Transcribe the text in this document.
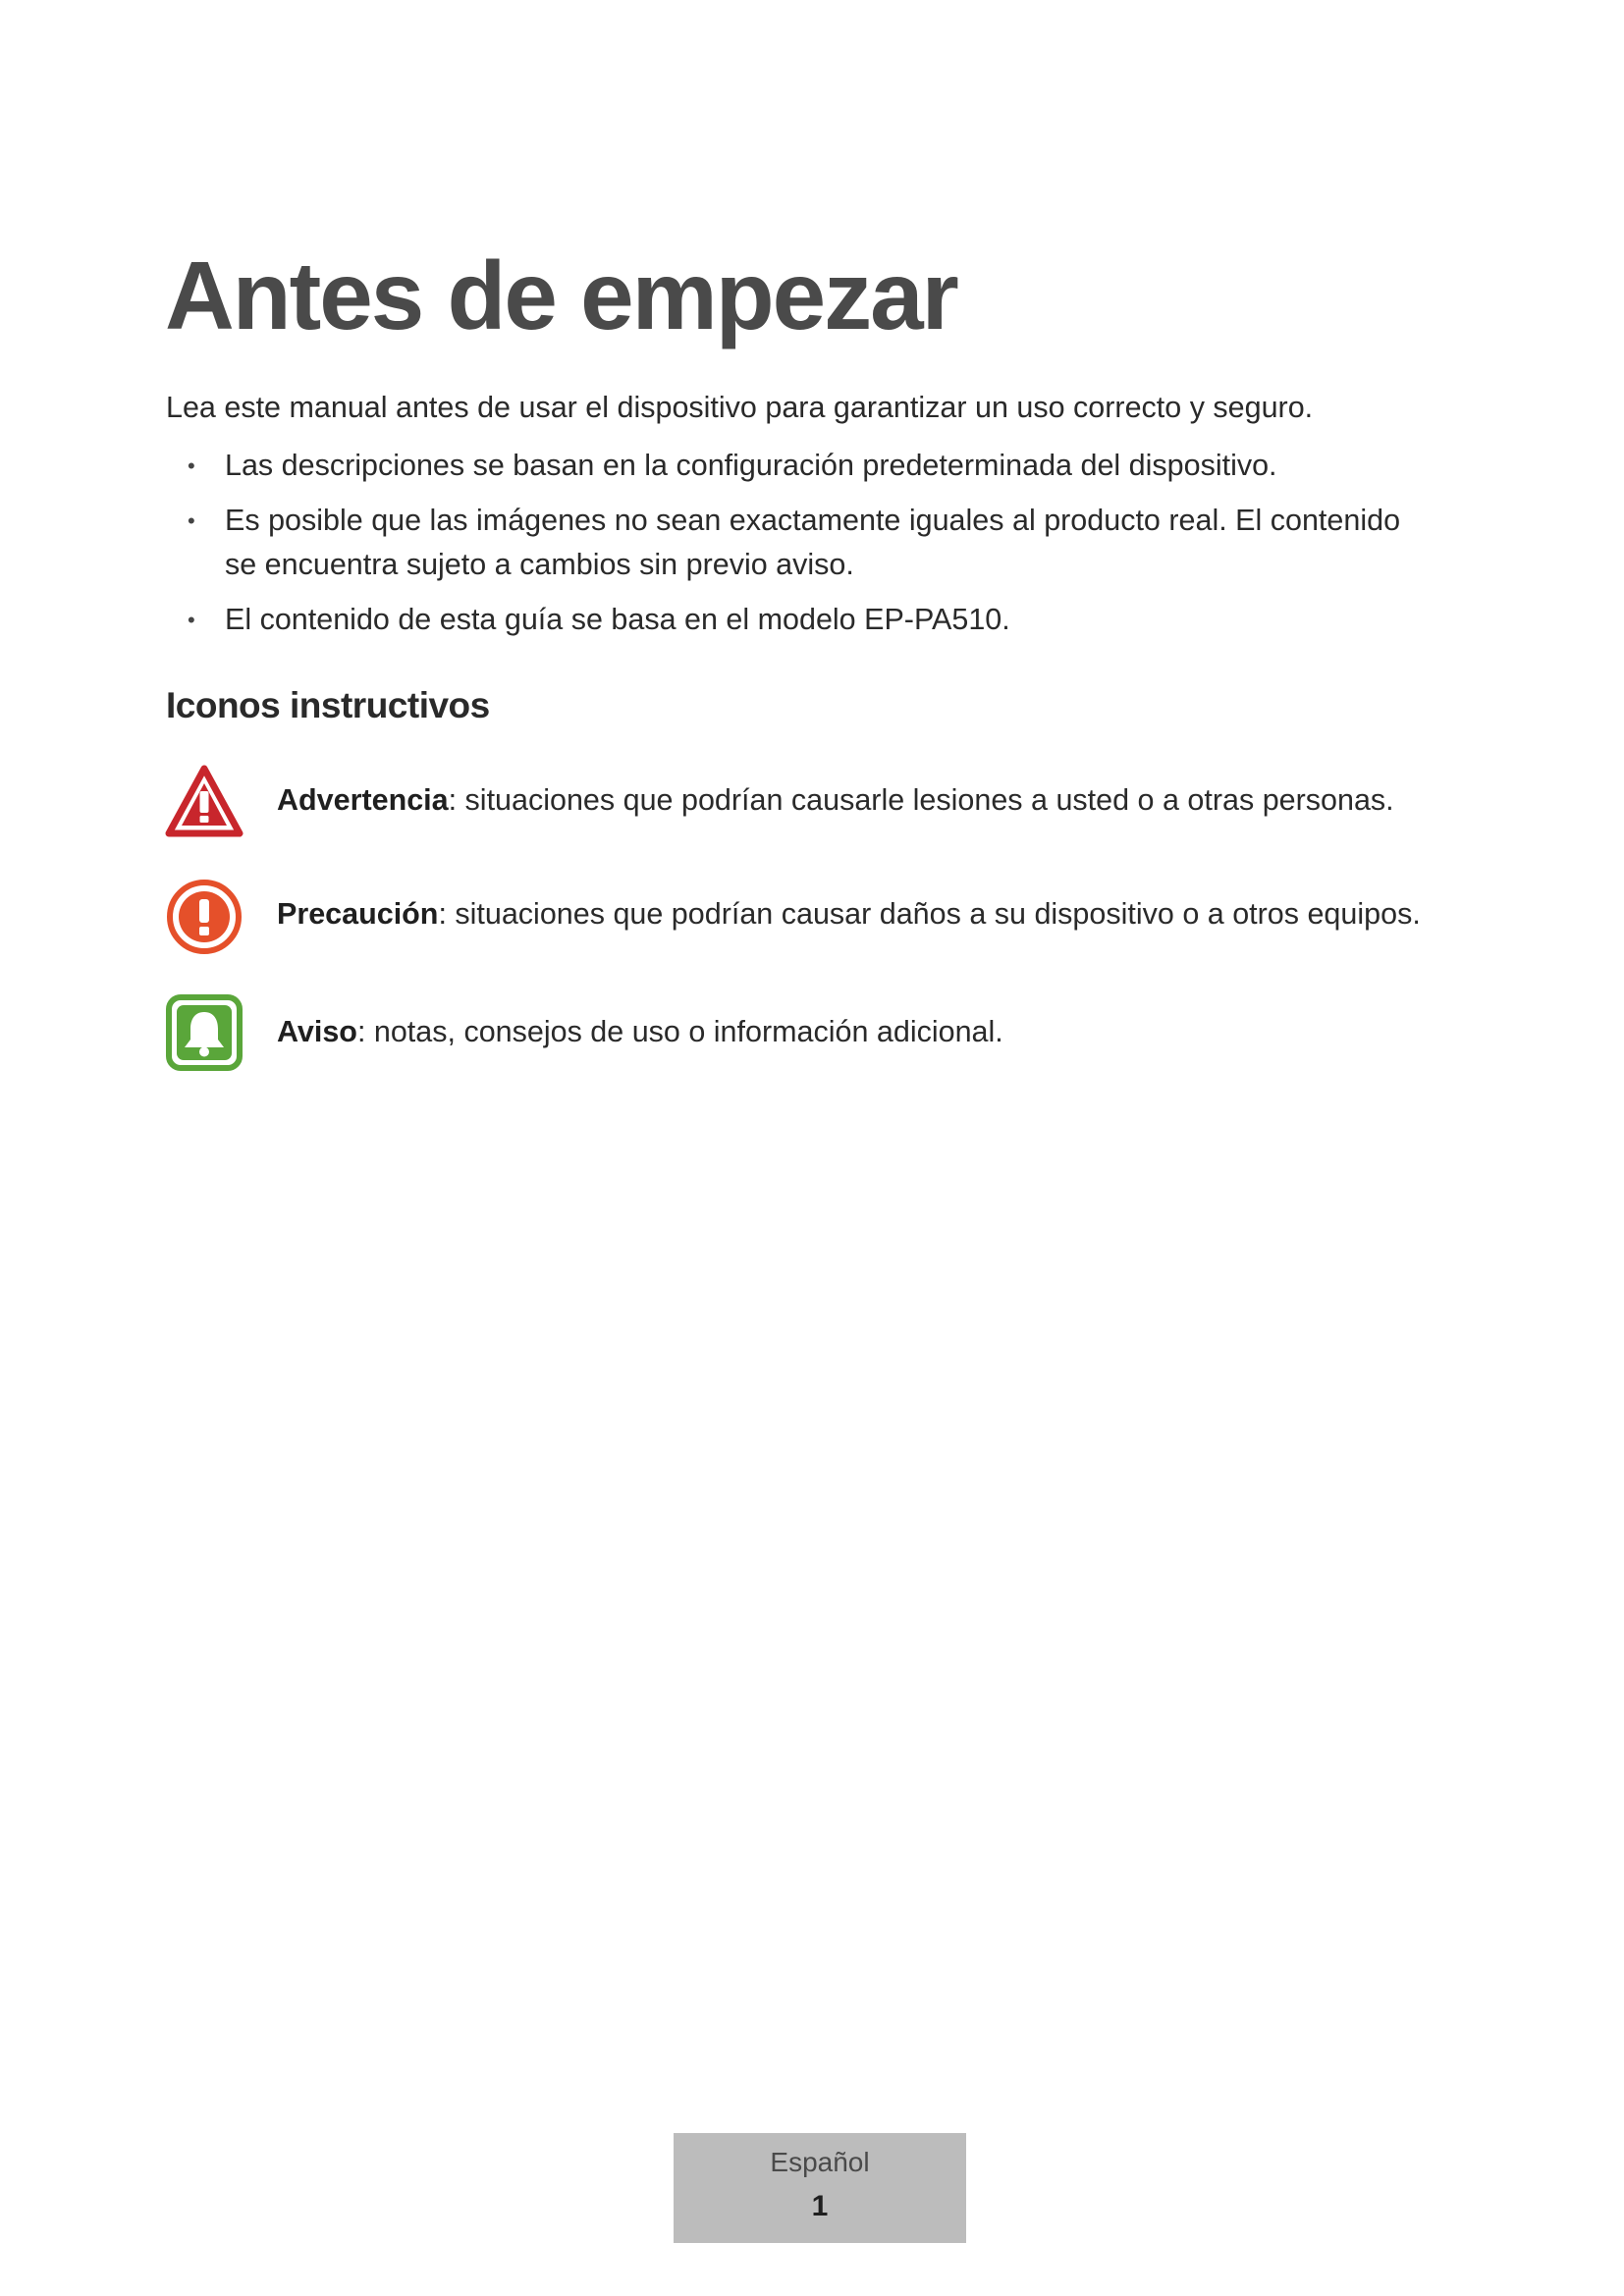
Antes de empezar

Lea este manual antes de usar el dispositivo para garantizar un uso correcto y seguro.

• Las descripciones se basan en la configuración predeterminada del dispositivo.
• Es posible que las imágenes no sean exactamente iguales al producto real. El contenido se encuentra sujeto a cambios sin previo aviso.
• El contenido de esta guía se basa en el modelo EP-PA510.
Iconos instructivos
Advertencia: situaciones que podrían causarle lesiones a usted o a otras personas.
Precaución: situaciones que podrían causar daños a su dispositivo o a otros equipos.
Aviso: notas, consejos de uso o información adicional.
Español
1
